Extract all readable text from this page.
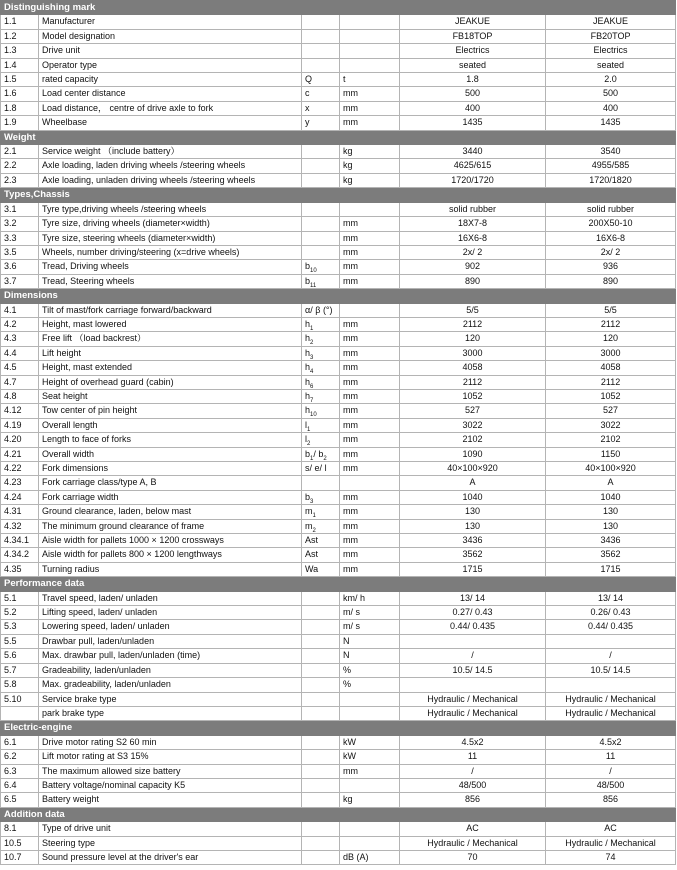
Distinguishing mark					
1.1	Manufacturer			JEAKUE	JEAKUE
1.2	Model designation			FB18TOP	FB20TOP
1.3	Drive unit			Electrics	Electrics
1.4	Operator type			seated	seated
1.5	rated capacity	Q	t	1.8	2.0
1.6	Load center distance	c	mm	500	500
1.8	Load distance， centre of drive axle to fork	x	mm	400	400
1.9	Wheelbase	y	mm	1435	1435
Weight					
2.1	Service weight （include battery）		kg	3440	3540
2.2	Axle loading, laden driving wheels /steering wheels		kg	4625/615	4955/585
2.3	Axle loading, unladen driving wheels /steering wheels		kg	1720/1720	1720/1820
Types,Chassis					
3.1	Tyre type,driving wheels /steering wheels			solid rubber	solid rubber
3.2	Tyre size, driving wheels (diameter×width)		mm	18X7-8	200X50-10
3.3	Tyre size, steering wheels (diameter×width)		mm	16X6-8	16X6-8
3.5	Wheels, number driving/steering (x=drive wheels)		mm	2x/ 2	2x/ 2
3.6	Tread, Driving wheels	$b_{10}$	mm	902	936
3.7	Tread, Steering wheels	$b_{11}$	mm	890	890
Dimensions					
4.1	Tilt of mast/fork carriage forward/backward	α/ β (°)		5/5	5/5
4.2	Height, mast lowered	$h_1$	mm	2112	2112
4.3	Free lift （load backrest）	$h_2$	mm	120	120
4.4	Lift height	$h_3$	mm	3000	3000
4.5	Height, mast extended	$h_4$	mm	4058	4058
4.7	Height of overhead guard (cabin)	$h_6$	mm	2112	2112
4.8	Seat height	$h_7$	mm	1052	1052
4.12	Tow center of pin height	$h_{10}$	mm	527	527
4.19	Overall length	$l_1$	mm	3022	3022
4.20	Length to face of forks	$l_2$	mm	2102	2102
4.21	Overall width	$b_1/$ $b_2$	mm	1090	1150
4.22	Fork dimensions	s/ e/ l	mm	40×100×920	40×100×920
4.23	Fork carriage class/type A, B			A	A
4.24	Fork carriage width	$b_3$	mm	1040	1040
4.31	Ground clearance, laden, below mast	$m_1$	mm	130	130
4.32	The minimum ground clearance of frame	$m_2$	mm	130	130
4.34.1	Aisle width for pallets 1000 × 1200 crossways	Ast	mm	3436	3436
4.34.2	Aisle width for pallets 800 × 1200 lengthways	Ast	mm	3562	3562
4.35	Turning radius	Wa	mm	1715	1715
Performance data					
5.1	Travel speed, laden/ unladen		km/ h	13/ 14	13/ 14
5.2	Lifting speed, laden/ unladen		m/ s	0.27/ 0.43	0.26/ 0.43
5.3	Lowering speed, laden/ unladen		m/ s	0.44/ 0.435	0.44/ 0.435
5.5	Drawbar pull, laden/unladen		N		
5.6	Max. drawbar pull, laden/unladen (time)		N	/	/
5.7	Gradeability, laden/unladen		%	10.5/ 14.5	10.5/ 14.5
5.8	Max. gradeability, laden/unladen		%		
5.10	Service brake type			Hydraulic / Mechanical	Hydraulic / Mechanical
	park brake type			Hydraulic / Mechanical	Hydraulic / Mechanical
Electric-engine					
6.1	Drive motor rating S2 60 min		kW	4.5x2	4.5x2
6.2	Lift motor rating at S3 15%		kW	11	11
6.3	The maximum allowed size battery		mm	/	/
6.4	Battery voltage/nominal capacity K5			48/500	48/500
6.5	Battery weight		kg	856	856
Addition data					
8.1	Type of drive unit			AC	AC
10.5	Steering type			Hydraulic / Mechanical	Hydraulic / Mechanical
10.7	Sound pressure level at the driver's ear		dB (A)	70	74
